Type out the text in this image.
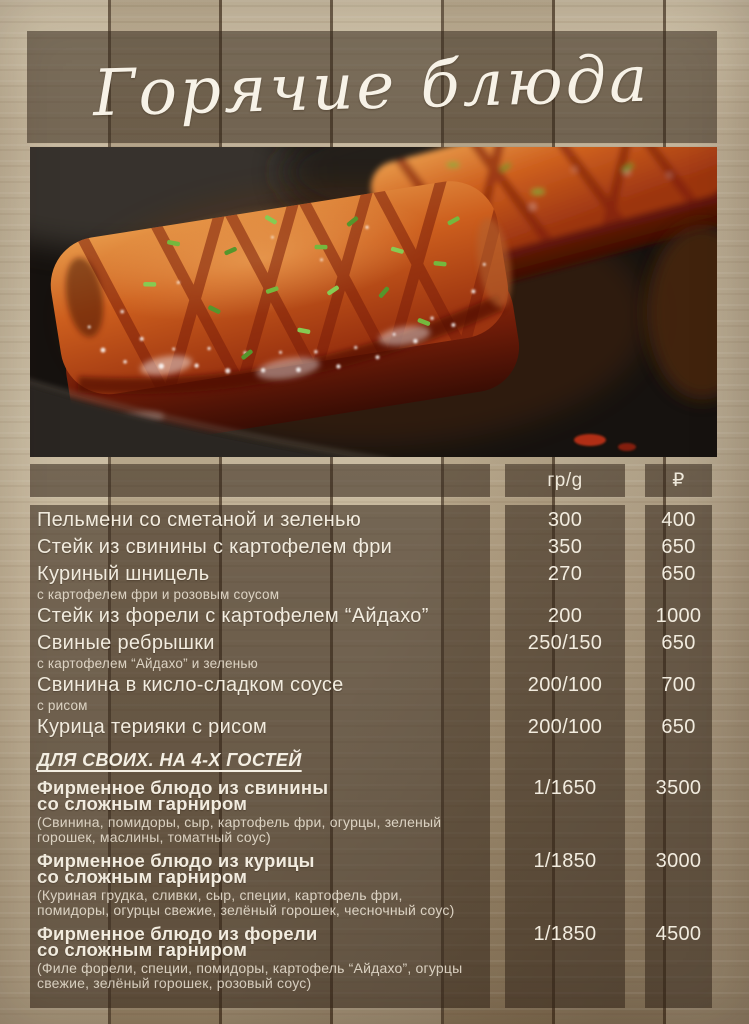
Горячие блюда
гр/g	₽
Пельмени со сметаной и зеленью	300	400
Стейк из свинины с картофелем фри	350	650
Куриный шницель
с картофелем фри и розовым соусом
270	650
Стейк из форели с картофелем “Айдахо”	200	1000
Свиные ребрышки
с картофелем “Айдахо” и зеленью
250/150	650
Свинина в кисло-сладком соусе
с рисом
200/100	700
Курица терияки с рисом	200/100	650
ДЛЯ СВОИХ. НА 4-Х ГОСТЕЙ
Фирменное блюдо из свинины
со сложным гарниром
(Свинина, помидоры, сыр, картофель фри, огурцы, зеленый горошек, маслины, томатный соус)
1/1650	3500
Фирменное блюдо из курицы
со сложным гарниром
(Куриная грудка, сливки, сыр, специи, картофель фри, помидоры, огурцы свежие, зелёный горошек, чесночный соус)
1/1850	3000
Фирменное блюдо из форели
со сложным гарниром
(Филе форели, специи, помидоры, картофель “Айдахо”, огурцы свежие, зелёный горошек, розовый соус)
1/1850	4500
